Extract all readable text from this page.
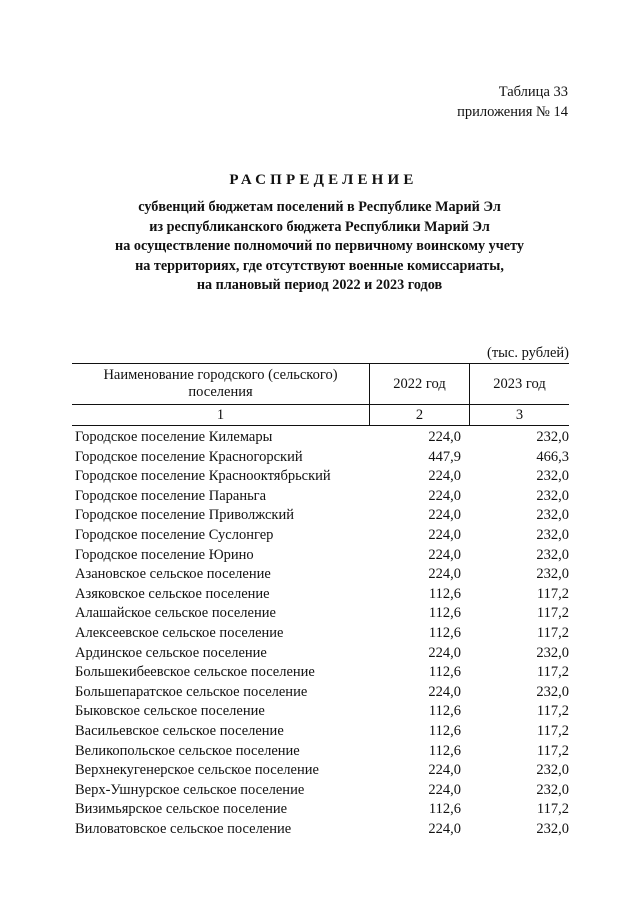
Таблица 33
приложения № 14
РАСПРЕДЕЛЕНИЕ
субвенций бюджетам поселений в Республике Марий Эл
из республиканского бюджета Республики Марий Эл
на осуществление полномочий по первичному воинскому учету
на территориях, где отсутствуют военные комиссариаты,
на плановый период 2022 и 2023 годов
(тыс. рублей)
Наименование городского (сельского)
поселения	2022 год	2023 год
1	2	3
Городское поселение Килемары	224,0	232,0
Городское поселение Красногорский	447,9	466,3
Городское поселение Краснооктябрьский	224,0	232,0
Городское поселение Параньга	224,0	232,0
Городское поселение Приволжский	224,0	232,0
Городское поселение Суслонгер	224,0	232,0
Городское поселение Юрино	224,0	232,0
Азановское сельское поселение	224,0	232,0
Азяковское сельское поселение	112,6	117,2
Алашайское сельское поселение	112,6	117,2
Алексеевское сельское поселение	112,6	117,2
Ардинское сельское поселение	224,0	232,0
Большекибеевское сельское поселение	112,6	117,2
Большепаратское сельское поселение	224,0	232,0
Быковское сельское поселение	112,6	117,2
Васильевское сельское поселение	112,6	117,2
Великопольское сельское поселение	112,6	117,2
Верхнекугенерское сельское поселение	224,0	232,0
Верх-Ушнурское сельское поселение	224,0	232,0
Визимьярское сельское поселение	112,6	117,2
Виловатовское сельское поселение	224,0	232,0
